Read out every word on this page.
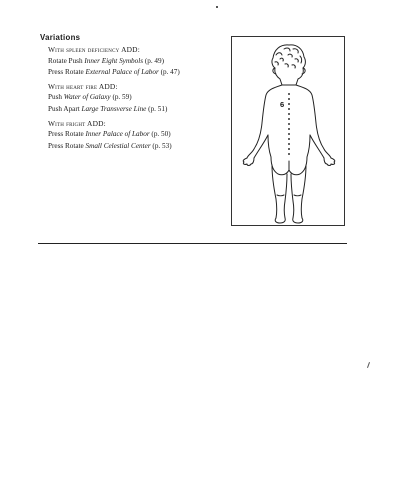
Variations
With spleen deficiency ADD:
Rotate Push Inner Eight Symbols (p. 49)
Press Rotate External Palace of Labor (p. 47)
With heart fire ADD:
Push Water of Galaxy (p. 59)
Push Apart Large Transverse Line (p. 51)
With fright ADD:
Press Rotate Inner Palace of Labor (p. 50)
Press Rotate Small Celestial Center (p. 53)
6
